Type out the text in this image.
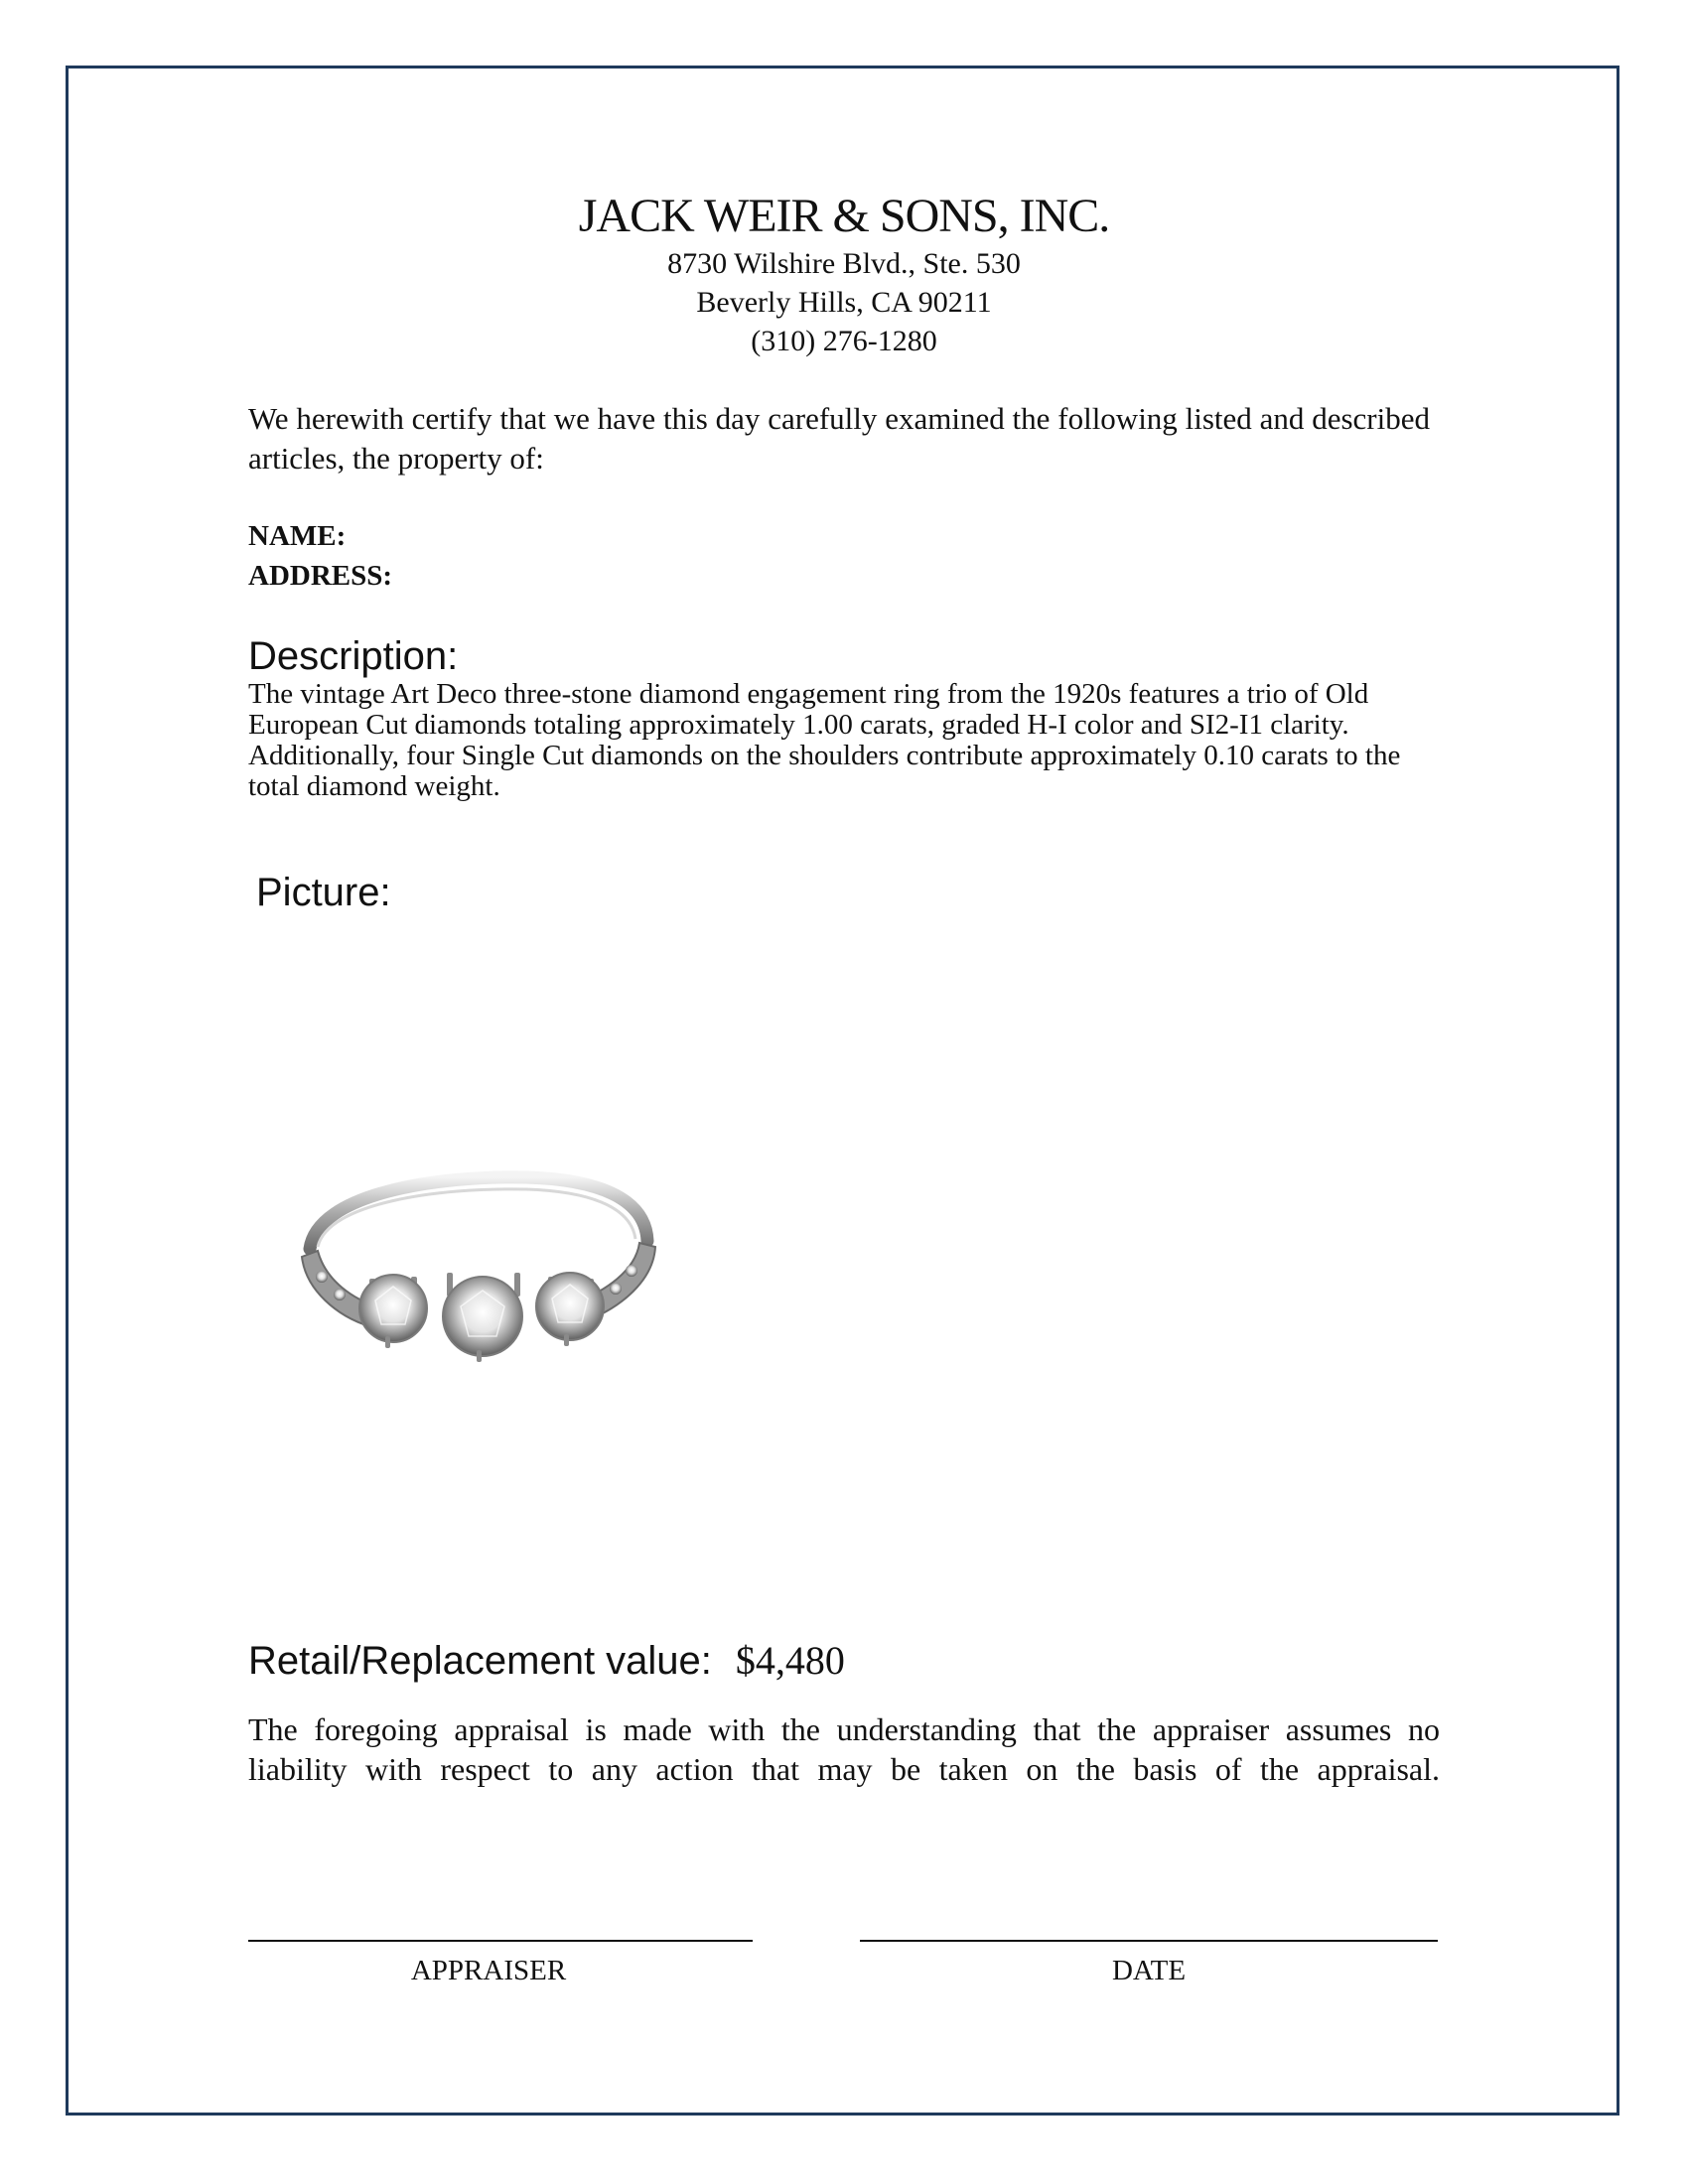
JACK WEIR & SONS, INC.
8730 Wilshire Blvd., Ste. 530
Beverly Hills, CA 90211
(310) 276-1280
We herewith certify that we have this day carefully examined the following listed and described articles, the property of:
NAME:
ADDRESS:
Description:
The vintage Art Deco three-stone diamond engagement ring from the 1920s features a trio of Old European Cut diamonds totaling approximately 1.00 carats, graded H-I color and SI2-I1 clarity. Additionally, four Single Cut diamonds on the shoulders contribute approximately 0.10 carats to the total diamond weight.
Picture:
Retail/Replacement value: $4,480
The foregoing appraisal is made with the understanding that the appraiser assumes no liability with respect to any action that may be taken on the basis of the appraisal.
APPRAISER	DATE
